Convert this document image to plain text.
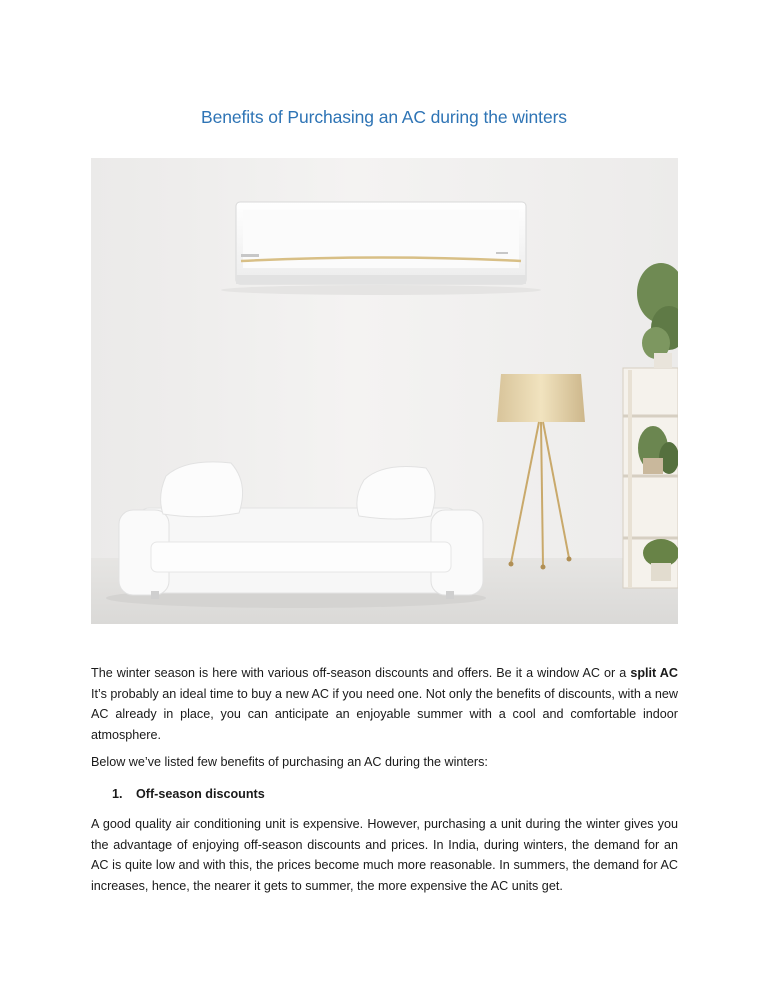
Benefits of Purchasing an AC during the winters
The winter season is here with various off-season discounts and offers. Be it a window AC or a split AC It’s probably an ideal time to buy a new AC if you need one. Not only the benefits of discounts, with a new AC already in place, you can anticipate an enjoyable summer with a cool and comfortable indoor atmosphere.
Below we’ve listed few benefits of purchasing an AC during the winters:
1. Off-season discounts
A good quality air conditioning unit is expensive. However, purchasing a unit during the winter gives you the advantage of enjoying off-season discounts and prices. In India, during winters, the demand for an AC is quite low and with this, the prices become much more reasonable. In summers, the demand for AC increases, hence, the nearer it gets to summer, the more expensive the AC units get.
